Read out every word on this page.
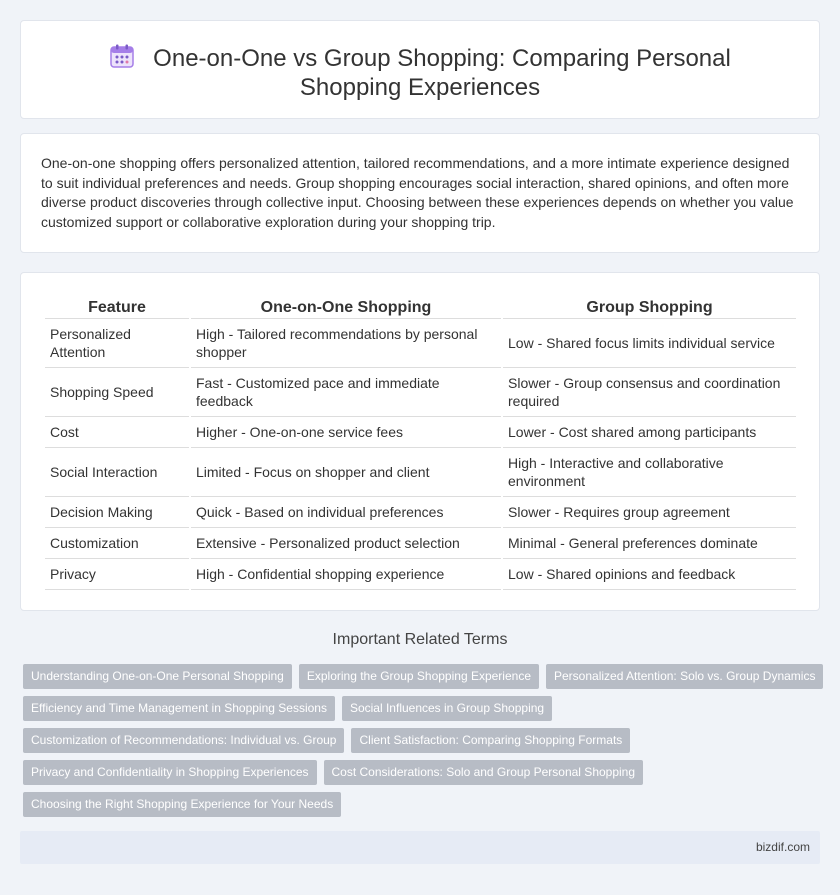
One-on-One vs Group Shopping: Comparing Personal Shopping Experiences

One-on-one shopping offers personalized attention, tailored recommendations, and a more intimate experience designed to suit individual preferences and needs. Group shopping encourages social interaction, shared opinions, and often more diverse product discoveries through collective input. Choosing between these experiences depends on whether you value customized support or collaborative exploration during your shopping trip.

Feature	One-on-One Shopping	Group Shopping
Personalized Attention	High - Tailored recommendations by personal shopper	Low - Shared focus limits individual service
Shopping Speed	Fast - Customized pace and immediate feedback	Slower - Group consensus and coordination required
Cost	Higher - One-on-one service fees	Lower - Cost shared among participants
Social Interaction	Limited - Focus on shopper and client	High - Interactive and collaborative environment
Decision Making	Quick - Based on individual preferences	Slower - Requires group agreement
Customization	Extensive - Personalized product selection	Minimal - General preferences dominate
Privacy	High - Confidential shopping experience	Low - Shared opinions and feedback
Important Related Terms
Understanding One-on-One Personal Shopping	Exploring the Group Shopping Experience	Personalized Attention: Solo vs. Group Dynamics
Efficiency and Time Management in Shopping Sessions	Social Influences in Group Shopping
Customization of Recommendations: Individual vs. Group	Client Satisfaction: Comparing Shopping Formats
Privacy and Confidentiality in Shopping Experiences	Cost Considerations: Solo and Group Personal Shopping
Choosing the Right Shopping Experience for Your Needs
bizdif.com
